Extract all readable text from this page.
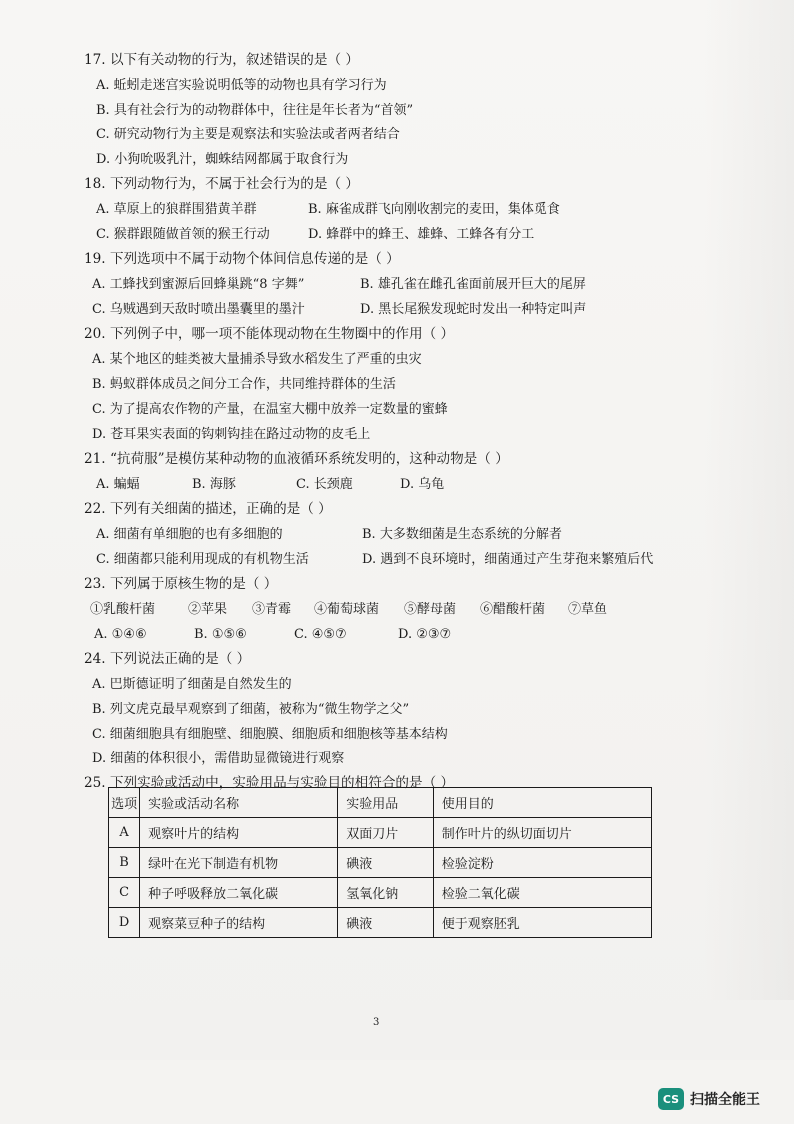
17. 以下有关动物的行为，叙述错误的是（ ）
A. 蚯蚓走迷宫实验说明低等的动物也具有学习行为
B. 具有社会行为的动物群体中，往往是年长者为“首领”
C. 研究动物行为主要是观察法和实验法或者两者结合
D. 小狗吮吸乳汁，蜘蛛结网都属于取食行为
18. 下列动物行为，不属于社会行为的是（ ）
A. 草原上的狼群围猎黄羊群	B. 麻雀成群飞向刚收割完的麦田，集体觅食
C. 猴群跟随做首领的猴王行动	D. 蜂群中的蜂王、雄蜂、工蜂各有分工
19. 下列选项中不属于动物个体间信息传递的是（ ）
A. 工蜂找到蜜源后回蜂巢跳“8 字舞”	B. 雄孔雀在雌孔雀面前展开巨大的尾屏
C. 乌贼遇到天敌时喷出墨囊里的墨汁	D. 黑长尾猴发现蛇时发出一种特定叫声
20. 下列例子中，哪一项不能体现动物在生物圈中的作用（ ）
A. 某个地区的蛙类被大量捕杀导致水稻发生了严重的虫灾
B. 蚂蚁群体成员之间分工合作，共同维持群体的生活
C. 为了提高农作物的产量，在温室大棚中放养一定数量的蜜蜂
D. 苍耳果实表面的钩刺钩挂在路过动物的皮毛上
21. “抗荷服”是模仿某种动物的血液循环系统发明的，这种动物是（ ）
A. 蝙蝠	B. 海豚	C. 长颈鹿	D. 乌龟
22. 下列有关细菌的描述，正确的是（ ）
A. 细菌有单细胞的也有多细胞的	B. 大多数细菌是生态系统的分解者
C. 细菌都只能利用现成的有机物生活	D. 遇到不良环境时，细菌通过产生芽孢来繁殖后代
23. 下列属于原核生物的是（ ）
①乳酸杆菌	②苹果 ③青霉 ④葡萄球菌 ⑤酵母菌 ⑥醋酸杆菌 ⑦草鱼
A. ①④⑥	B. ①⑤⑥	C. ④⑤⑦	D. ②③⑦
24. 下列说法正确的是（ ）
A. 巴斯德证明了细菌是自然发生的
B. 列文虎克最早观察到了细菌，被称为“微生物学之父”
C. 细菌细胞具有细胞壁、细胞膜、细胞质和细胞核等基本结构
D. 细菌的体积很小，需借助显微镜进行观察
25. 下列实验或活动中，实验用品与实验目的相符合的是（ ）
选项	实验或活动名称	实验用品	使用目的
A	观察叶片的结构	双面刀片	制作叶片的纵切面切片
B	绿叶在光下制造有机物	碘液	检验淀粉
C	种子呼吸释放二氧化碳	氢氧化钠	检验二氧化碳
D	观察菜豆种子的结构	碘液	便于观察胚乳
3
CS 扫描全能王
